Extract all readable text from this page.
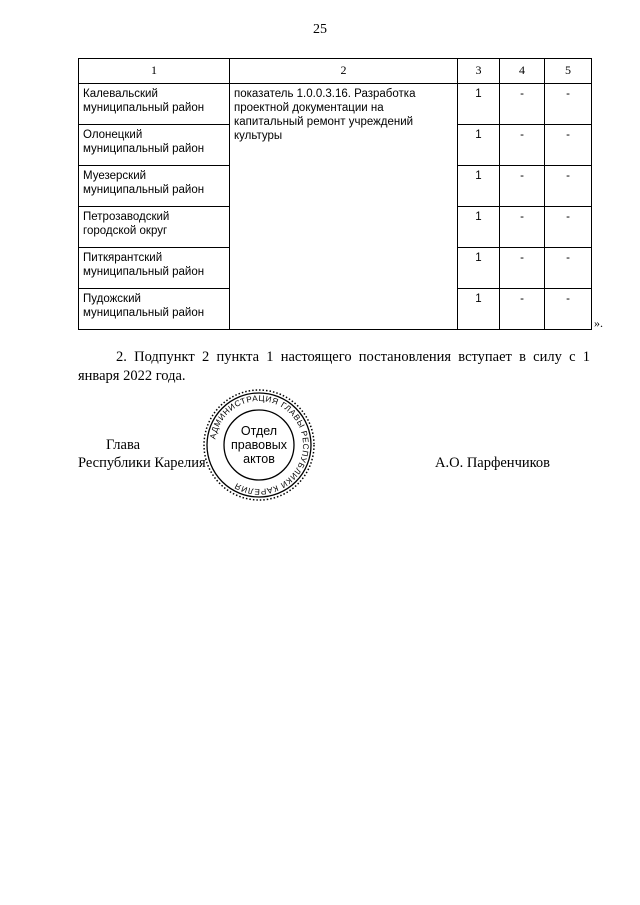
25
1	2	3	4	5
Калевальский муниципальный район	показатель 1.0.0.3.16. Разработка проектной документации на капитальный ремонт учреждений культуры	1	-	-
Олонецкий муниципальный район		1	-	-
Муезерский муниципальный район		1	-	-
Петрозаводский городской округ		1	-	-
Питкярантский муниципальный район		1	-	-
Пудожский муниципальный район		1	-	-
».
2. Подпункт 2 пункта 1 настоящего постановления вступает в силу с 1 января 2022 года.
Глава
Республики Карелия	А.О. Парфенчиков
АДМИНИСТРАЦИЯ ГЛАВЫ РЕСПУБЛИКИ КАРЕЛИЯ
Отдел
правовых
актов
